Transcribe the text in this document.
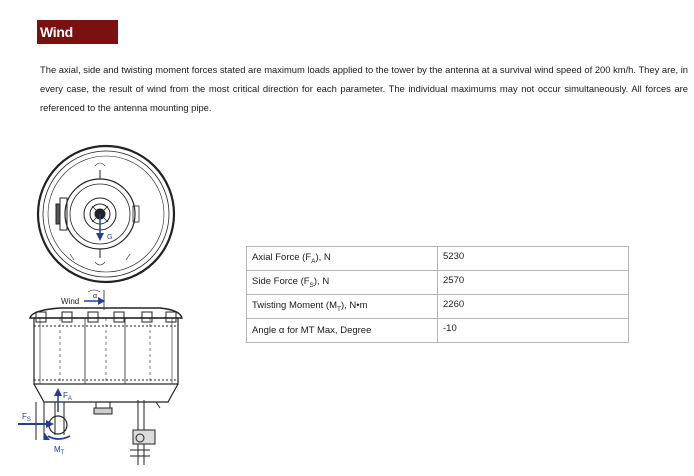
Wind Forces
The axial, side and twisting moment forces stated are maximum loads applied to the tower by the antenna at a survival wind speed of 200 km/h. They are, in every case, the result of wind from the most critical direction for each parameter. The individual maximums may not occur simultaneously. All forces are referenced to the antenna mounting pipe.
G
Wind
α
$F_A$
$F_S$
$M_T$
Axial Force $(F_A)$, N	5230
Side Force $(F_S)$, N	2570
Twisting Moment $(M_T)$, N•m	2260
Angle α for MT Max, Degree	-10
